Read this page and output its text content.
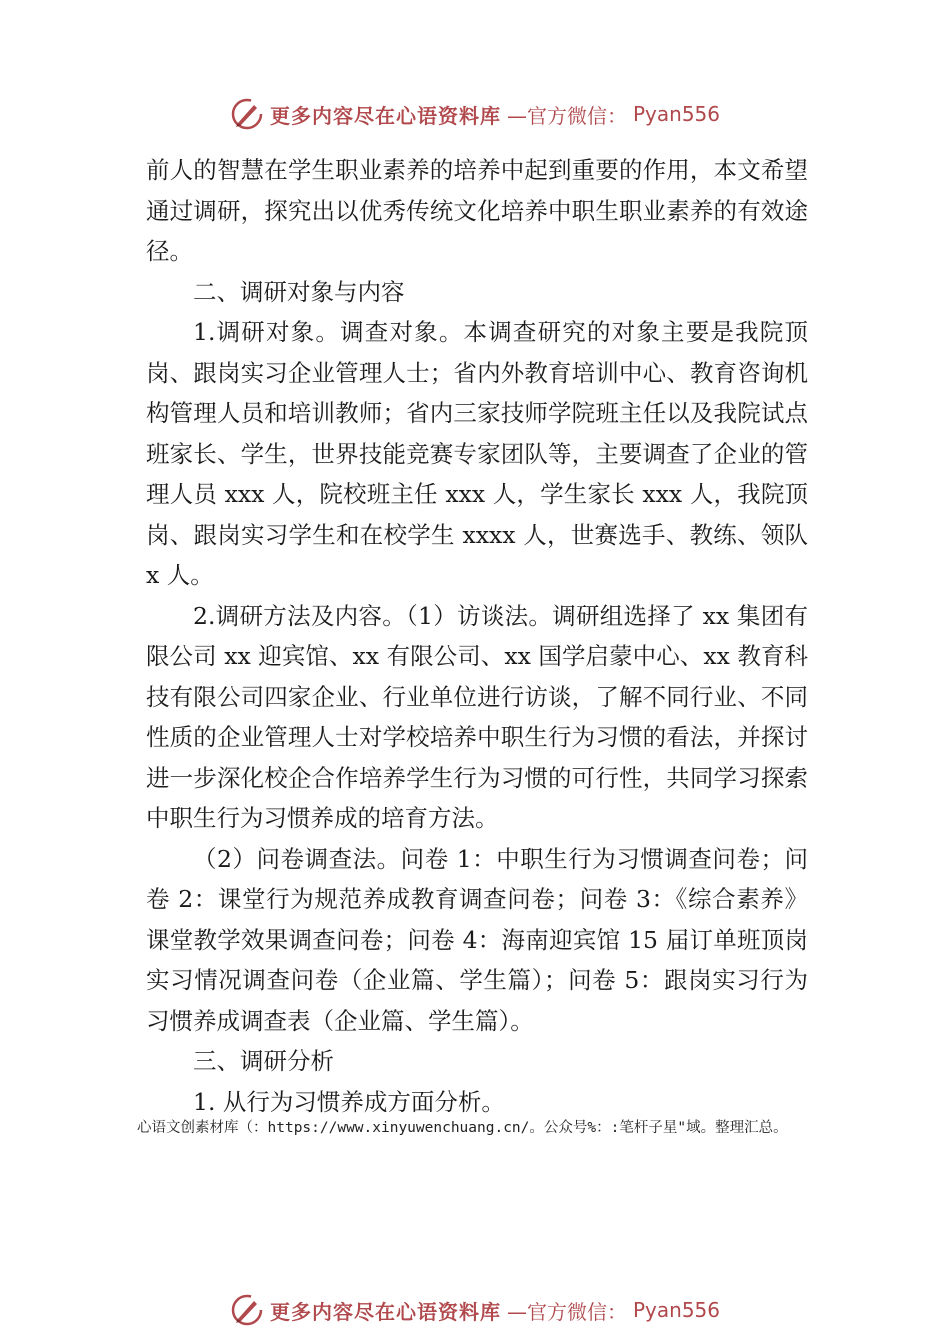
更多内容尽在心语资料库 —官方微信： Pyan556

前人的智慧在学生职业素养的培养中起到重要的作用，本文希望通过调研，探究出以优秀传统文化培养中职生职业素养的有效途径。

二、调研对象与内容

1.调研对象。调查对象。本调查研究的对象主要是我院顶岗、跟岗实习企业管理人士；省内外教育培训中心、教育咨询机构管理人员和培训教师；省内三家技师学院班主任以及我院试点班家长、学生，世界技能竞赛专家团队等，主要调查了企业的管理人员 xxx 人，院校班主任 xxx 人，学生家长 xxx 人，我院顶岗、跟岗实习学生和在校学生 xxxx 人，世赛选手、教练、领队 x 人。

2.调研方法及内容。（1）访谈法。调研组选择了 xx 集团有限公司 xx 迎宾馆、xx 有限公司、xx 国学启蒙中心、xx 教育科技有限公司四家企业、行业单位进行访谈，了解不同行业、不同性质的企业管理人士对学校培养中职生行为习惯的看法，并探讨进一步深化校企合作培养学生行为习惯的可行性，共同学习探索中职生行为习惯养成的培育方法。

（2）问卷调查法。问卷 1：中职生行为习惯调查问卷；问卷 2：课堂行为规范养成教育调查问卷；问卷 3：《综合素养》课堂教学效果调查问卷；问卷 4：海南迎宾馆 15 届订单班顶岗实习情况调查问卷（企业篇、学生篇）；问卷 5：跟岗实习行为习惯养成调查表（企业篇、学生篇）。

三、调研分析

1. 从行为习惯养成方面分析。

心语文创素材库（：https://www.xinyuwenchuang.cn/。公众号%：:笔杆子星"域。整理汇总。
更多内容尽在心语资料库 —官方微信： Pyan556
